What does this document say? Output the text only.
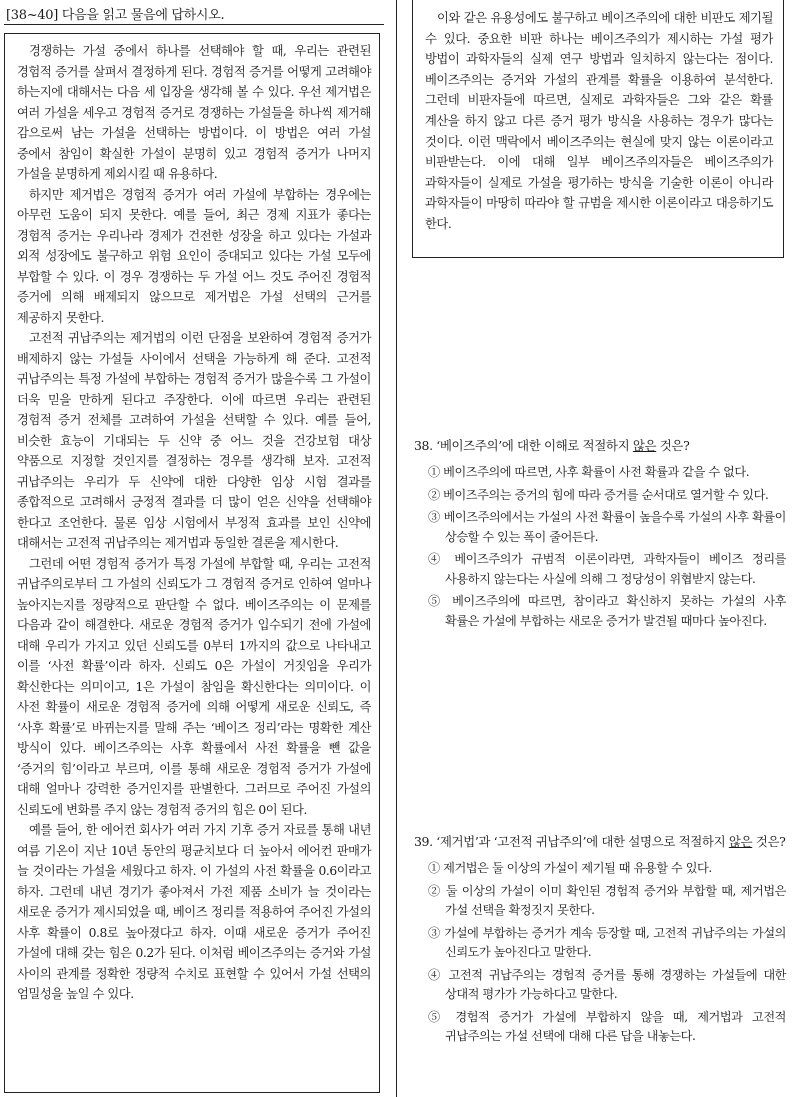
[38~40] 다음을 읽고 물음에 답하시오.

경쟁하는 가설 중에서 하나를 선택해야 할 때, 우리는 관련된 경험적 증거를 살펴서 결정하게 된다. 경험적 증거를 어떻게 고려해야 하는지에 대해서는 다음 세 입장을 생각해 볼 수 있다. 우선 제거법은 여러 가설을 세우고 경험적 증거로 경쟁하는 가설들을 하나씩 제거해 감으로써 남는 가설을 선택하는 방법이다. 이 방법은 여러 가설 중에서 참임이 확실한 가설이 분명히 있고 경험적 증거가 나머지 가설을 분명하게 제외시킬 때 유용하다.

하지만 제거법은 경험적 증거가 여러 가설에 부합하는 경우에는 아무런 도움이 되지 못한다. 예를 들어, 최근 경제 지표가 좋다는 경험적 증거는 우리나라 경제가 건전한 성장을 하고 있다는 가설과 외적 성장에도 불구하고 위험 요인이 증대되고 있다는 가설 모두에 부합할 수 있다. 이 경우 경쟁하는 두 가설 어느 것도 주어진 경험적 증거에 의해 배제되지 않으므로 제거법은 가설 선택의 근거를 제공하지 못한다.

고전적 귀납주의는 제거법의 이런 단점을 보완하여 경험적 증거가 배제하지 않는 가설들 사이에서 선택을 가능하게 해 준다. 고전적 귀납주의는 특정 가설에 부합하는 경험적 증거가 많을수록 그 가설이 더욱 믿을 만하게 된다고 주장한다. 이에 따르면 우리는 관련된 경험적 증거 전체를 고려하여 가설을 선택할 수 있다. 예를 들어, 비슷한 효능이 기대되는 두 신약 중 어느 것을 건강보험 대상 약품으로 지정할 것인지를 결정하는 경우를 생각해 보자. 고전적 귀납주의는 우리가 두 신약에 대한 다양한 임상 시험 결과를 종합적으로 고려해서 긍정적 결과를 더 많이 얻은 신약을 선택해야 한다고 조언한다. 물론 임상 시험에서 부정적 효과를 보인 신약에 대해서는 고전적 귀납주의는 제거법과 동일한 결론을 제시한다.

그런데 어떤 경험적 증거가 특정 가설에 부합할 때, 우리는 고전적 귀납주의로부터 그 가설의 신뢰도가 그 경험적 증거로 인하여 얼마나 높아지는지를 정량적으로 판단할 수 없다. 베이즈주의는 이 문제를 다음과 같이 해결한다. 새로운 경험적 증거가 입수되기 전에 가설에 대해 우리가 가지고 있던 신뢰도를 0부터 1까지의 값으로 나타내고 이를 ‘사전 확률’이라 하자. 신뢰도 0은 가설이 거짓임을 우리가 확신한다는 의미이고, 1은 가설이 참임을 확신한다는 의미이다. 이 사전 확률이 새로운 경험적 증거에 의해 어떻게 새로운 신뢰도, 즉 ‘사후 확률’로 바뀌는지를 말해 주는 ‘베이즈 정리’라는 명확한 계산 방식이 있다. 베이즈주의는 사후 확률에서 사전 확률을 뺀 값을 ‘증거의 힘’이라고 부르며, 이를 통해 새로운 경험적 증거가 가설에 대해 얼마나 강력한 증거인지를 판별한다. 그러므로 주어진 가설의 신뢰도에 변화를 주지 않는 경험적 증거의 힘은 0이 된다.

예를 들어, 한 에어컨 회사가 여러 가지 기후 증거 자료를 통해 내년 여름 기온이 지난 10년 동안의 평균치보다 더 높아서 에어컨 판매가 늘 것이라는 가설을 세웠다고 하자. 이 가설의 사전 확률을 0.6이라고 하자. 그런데 내년 경기가 좋아져서 가전 제품 소비가 늘 것이라는 새로운 증거가 제시되었을 때, 베이즈 정리를 적용하여 주어진 가설의 사후 확률이 0.8로 높아졌다고 하자. 이때 새로운 증거가 주어진 가설에 대해 갖는 힘은 0.2가 된다. 이처럼 베이즈주의는 증거와 가설 사이의 관계를 정확한 정량적 수치로 표현할 수 있어서 가설 선택의 엄밀성을 높일 수 있다.

이와 같은 유용성에도 불구하고 베이즈주의에 대한 비판도 제기될 수 있다. 중요한 비판 하나는 베이즈주의가 제시하는 가설 평가 방법이 과학자들의 실제 연구 방법과 일치하지 않는다는 점이다. 베이즈주의는 증거와 가설의 관계를 확률을 이용하여 분석한다. 그런데 비판자들에 따르면, 실제로 과학자들은 그와 같은 확률 계산을 하지 않고 다른 증거 평가 방식을 사용하는 경우가 많다는 것이다. 이런 맥락에서 베이즈주의는 현실에 맞지 않는 이론이라고 비판받는다. 이에 대해 일부 베이즈주의자들은 베이즈주의가 과학자들이 실제로 가설을 평가하는 방식을 기술한 이론이 아니라 과학자들이 마땅히 따라야 할 규범을 제시한 이론이라고 대응하기도 한다.

38. ‘베이즈주의’에 대한 이해로 적절하지 않은 것은?

① 베이즈주의에 따르면, 사후 확률이 사전 확률과 같을 수 없다.

② 베이즈주의는 증거의 힘에 따라 증거를 순서대로 열거할 수 있다.

③ 베이즈주의에서는 가설의 사전 확률이 높을수록 가설의 사후 확률이 상승할 수 있는 폭이 줄어든다.

④ 베이즈주의가 규범적 이론이라면, 과학자들이 베이즈 정리를 사용하지 않는다는 사실에 의해 그 정당성이 위협받지 않는다.

⑤ 베이즈주의에 따르면, 참이라고 확신하지 못하는 가설의 사후 확률은 가설에 부합하는 새로운 증거가 발견될 때마다 높아진다.

39. ‘제거법’과 ‘고전적 귀납주의’에 대한 설명으로 적절하지 않은 것은?

① 제거법은 둘 이상의 가설이 제기될 때 유용할 수 있다.

② 둘 이상의 가설이 이미 확인된 경험적 증거와 부합할 때, 제거법은 가설 선택을 확정짓지 못한다.

③ 가설에 부합하는 증거가 계속 등장할 때, 고전적 귀납주의는 가설의 신뢰도가 높아진다고 말한다.

④ 고전적 귀납주의는 경험적 증거를 통해 경쟁하는 가설들에 대한 상대적 평가가 가능하다고 말한다.

⑤ 경험적 증거가 가설에 부합하지 않을 때, 제거법과 고전적 귀납주의는 가설 선택에 대해 다른 답을 내놓는다.
